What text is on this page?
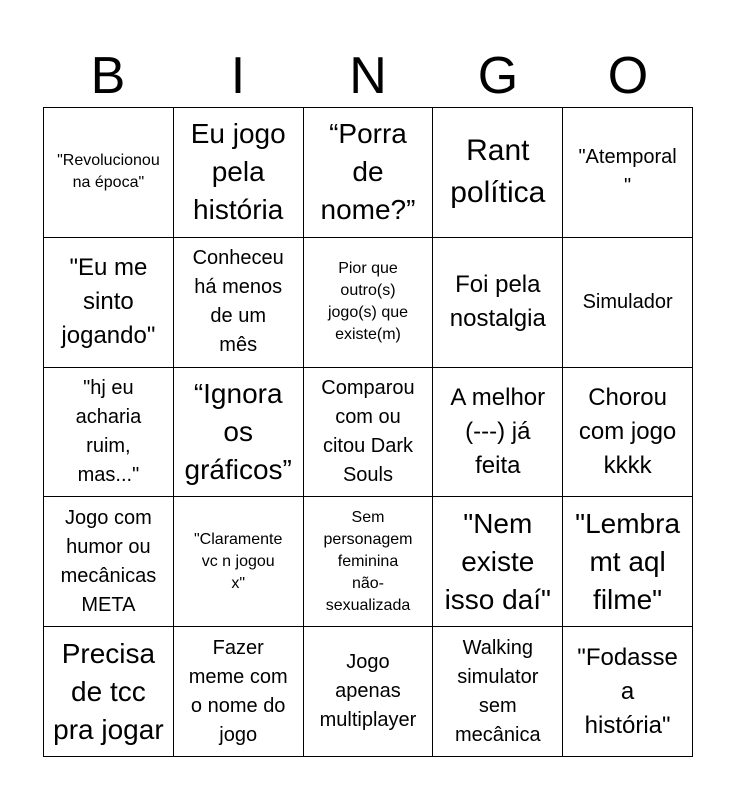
B	I	N	G	O
"Revolucionou
na época"
Eu jogo
pela
história
“Porra
de
nome?”
Rant
política
"Atemporal
"
"Eu me
sinto
jogando"
Conheceu
há menos
de um
mês
Pior que
outro(s)
jogo(s) que
existe(m)
Foi pela
nostalgia
Simulador
"hj eu
acharia
ruim,
mas..."
“Ignora
os
gráficos”
Comparou
com ou
citou Dark
Souls
A melhor
(---) já
feita
Chorou
com jogo
kkkk
Jogo com
humor ou
mecânicas
META
"Claramente
vc n jogou
x"
Sem
personagem
feminina
não-
sexualizada
"Nem
existe
isso daí"
"Lembra
mt aql
filme"
Precisa
de tcc
pra jogar
Fazer
meme com
o nome do
jogo
Jogo
apenas
multiplayer
Walking
simulator
sem
mecânica
"Fodasse
a
história"
